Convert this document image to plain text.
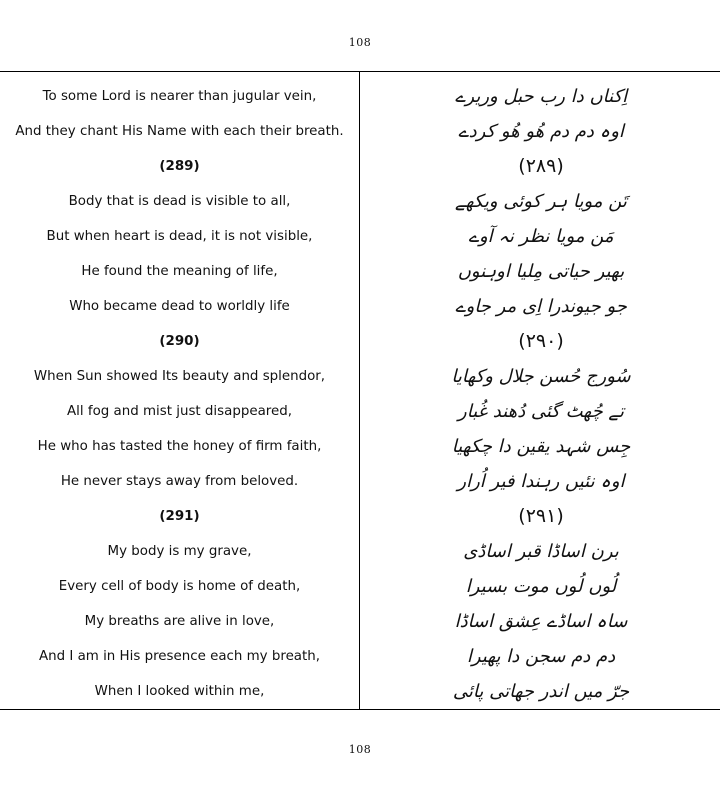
108
To some Lord is nearer than jugular vein,
And they chant His Name with each their breath.
(289)
Body that is dead is visible to all,
But when heart is dead, it is not visible,
He found the meaning of life,
Who became dead to worldly life
(290)
When Sun showed Its beauty and splendor,
All fog and mist just disappeared,
He who has tasted the honey of firm faith,
He never stays away from beloved.
(291)
My body is my grave,
Every cell of body is home of death,
My breaths are alive in love,
And I am in His presence each my breath,
When I looked within me,
اِکناں دا رب حبل وریرے
اوہ دم دم ھُو ھُو کردے
(۲۸۹)
تَن مویا ہر کوئی ویکھے
مَن مویا نظر نہ آوے
بھیر حیاتی مِلیا اوہنوں
جو جیوندرا اِی مر جاوے
(۲۹۰)
سُورج حُسن جلال وکھایا
تے چُھٹ گئی دُھند غُبار
جِس شہد یقین دا چکھیا
اوہ نئیں رہندا فیر اُرار
(۲۹۱)
برن اساڈا قبر اساڈی
لُوں لُوں موت بسیرا
ساہ اساڈے عِشق اساڈا
دم دم سجن دا پھیرا
جرّ میں اندر جھاتی پائی
108
